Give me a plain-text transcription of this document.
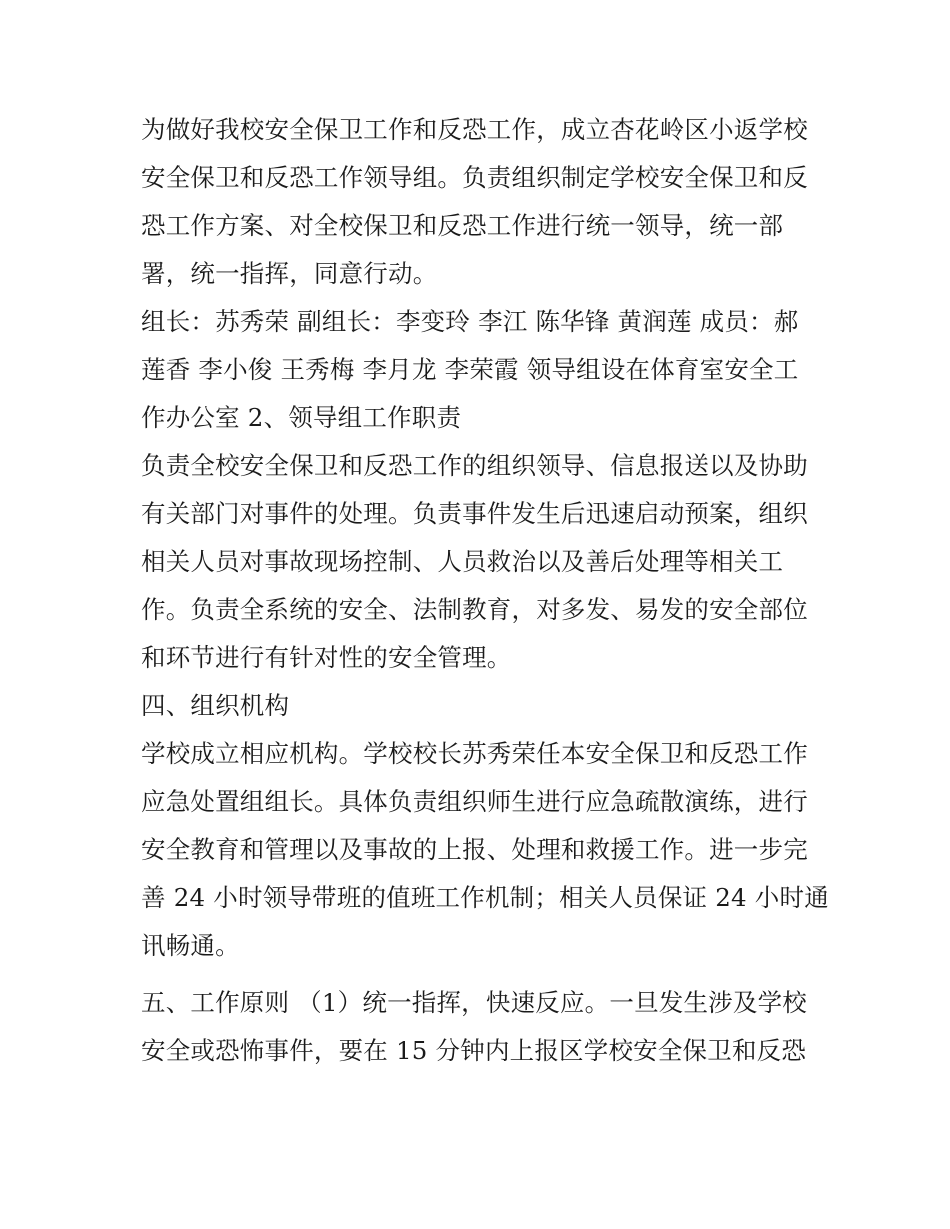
为做好我校安全保卫工作和反恐工作，成立杏花岭区小返学校
安全保卫和反恐工作领导组。负责组织制定学校安全保卫和反
恐工作方案、对全校保卫和反恐工作进行统一领导，统一部
署，统一指挥，同意行动。
组长：苏秀荣 副组长：李变玲 李江 陈华锋 黄润莲 成员：郝
莲香 李小俊 王秀梅 李月龙 李荣霞 领导组设在体育室安全工
作办公室 2、领导组工作职责
负责全校安全保卫和反恐工作的组织领导、信息报送以及协助
有关部门对事件的处理。负责事件发生后迅速启动预案，组织
相关人员对事故现场控制、人员救治以及善后处理等相关工
作。负责全系统的安全、法制教育，对多发、易发的安全部位
和环节进行有针对性的安全管理。
四、组织机构
学校成立相应机构。学校校长苏秀荣任本安全保卫和反恐工作
应急处置组组长。具体负责组织师生进行应急疏散演练，进行
安全教育和管理以及事故的上报、处理和救援工作。进一步完
善 24 小时领导带班的值班工作机制；相关人员保证 24 小时通
讯畅通。
五、工作原则 （1）统一指挥，快速反应。一旦发生涉及学校
安全或恐怖事件，要在 15 分钟内上报区学校安全保卫和反恐
